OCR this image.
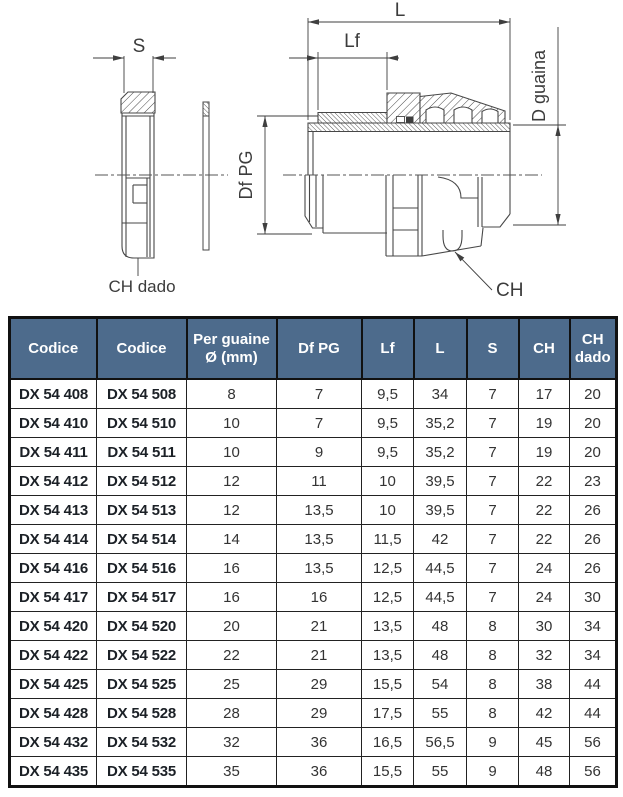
S
CH dado
L
Lf
Df PG
D guaina
CH
Codice	Codice	Per guaine Ø (mm)	Df PG	Lf	L	S	CH	CH dado
DX 54 408	DX 54 508	8	7	9,5	34	7	17	20
DX 54 410	DX 54 510	10	7	9,5	35,2	7	19	20
DX 54 411	DX 54 511	10	9	9,5	35,2	7	19	20
DX 54 412	DX 54 512	12	11	10	39,5	7	22	23
DX 54 413	DX 54 513	12	13,5	10	39,5	7	22	26
DX 54 414	DX 54 514	14	13,5	11,5	42	7	22	26
DX 54 416	DX 54 516	16	13,5	12,5	44,5	7	24	26
DX 54 417	DX 54 517	16	16	12,5	44,5	7	24	30
DX 54 420	DX 54 520	20	21	13,5	48	8	30	34
DX 54 422	DX 54 522	22	21	13,5	48	8	32	34
DX 54 425	DX 54 525	25	29	15,5	54	8	38	44
DX 54 428	DX 54 528	28	29	17,5	55	8	42	44
DX 54 432	DX 54 532	32	36	16,5	56,5	9	45	56
DX 54 435	DX 54 535	35	36	15,5	55	9	48	56
